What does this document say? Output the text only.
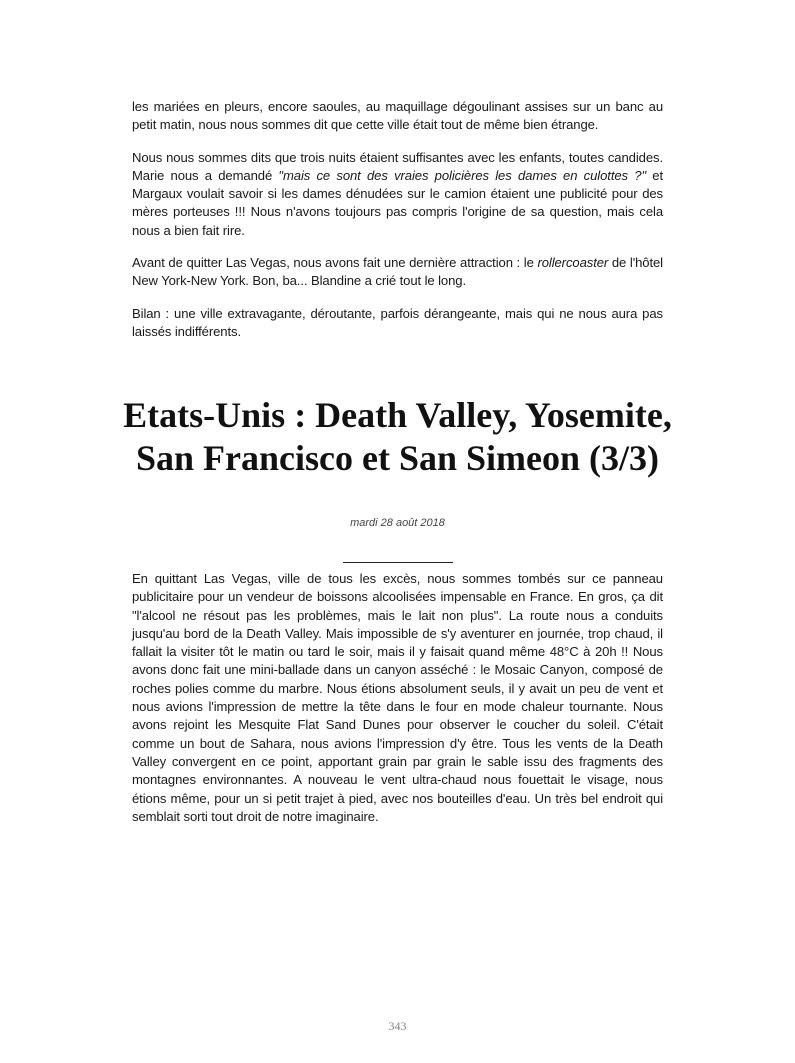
les mariées en pleurs, encore saoules, au maquillage dégoulinant assises sur un banc au petit matin, nous nous sommes dit que cette ville était tout de même bien étrange.

Nous nous sommes dits que trois nuits étaient suffisantes avec les enfants, toutes candides. Marie nous a demandé "mais ce sont des vraies policières les dames en culottes ?" et Margaux voulait savoir si les dames dénudées sur le camion étaient une publicité pour des mères porteuses !!! Nous n'avons toujours pas compris l'origine de sa question, mais cela nous a bien fait rire.

Avant de quitter Las Vegas, nous avons fait une dernière attraction : le rollercoaster de l'hôtel New York-New York. Bon, ba... Blandine a crié tout le long.

Bilan : une ville extravagante, déroutante, parfois dérangeante, mais qui ne nous aura pas laissés indifférents.

Etats-Unis : Death Valley, Yosemite, San Francisco et San Simeon (3/3)
mardi 28 août 2018

En quittant Las Vegas, ville de tous les excès, nous sommes tombés sur ce panneau publicitaire pour un vendeur de boissons alcoolisées impensable en France. En gros, ça dit "l'alcool ne résout pas les problèmes, mais le lait non plus". La route nous a conduits jusqu'au bord de la Death Valley. Mais impossible de s'y aventurer en journée, trop chaud, il fallait la visiter tôt le matin ou tard le soir, mais il y faisait quand même 48°C à 20h !! Nous avons donc fait une mini-ballade dans un canyon asséché : le Mosaic Canyon, composé de roches polies comme du marbre. Nous étions absolument seuls, il y avait un peu de vent et nous avions l'impression de mettre la tête dans le four en mode chaleur tournante. Nous avons rejoint les Mesquite Flat Sand Dunes pour observer le coucher du soleil. C'était comme un bout de Sahara, nous avions l'impression d'y être. Tous les vents de la Death Valley convergent en ce point, apportant grain par grain le sable issu des fragments des montagnes environnantes. A nouveau le vent ultra-chaud nous fouettait le visage, nous étions même, pour un si petit trajet à pied, avec nos bouteilles d'eau. Un très bel endroit qui semblait sorti tout droit de notre imaginaire.

343
